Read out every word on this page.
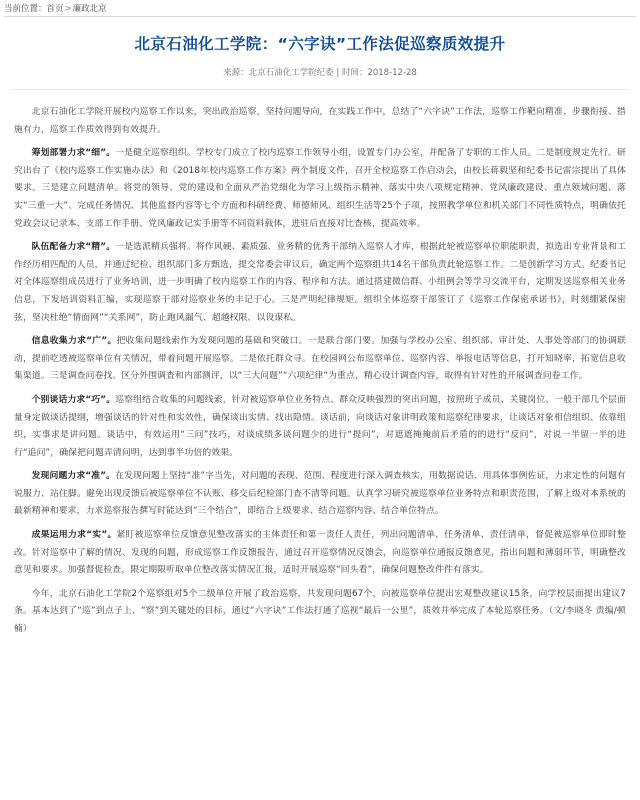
当前位置：首页>廉政北京
北京石油化工学院：“六字诀”工作法促巡察质效提升
来源：北京石油化工学院纪委 | 时间：2018-12-28

北京石油化工学院开展校内巡察工作以来，突出政治巡察，坚持问题导向，在实践工作中，总结了“六字诀”工作法，巡察工作靶向精准、步骤衔接、措施有力，巡察工作质效得到有效提升。

筹划部署力求“细”。一是健全巡察组织。学校专门成立了校内巡察工作领导小组，设置专门办公室，并配备了专职的工作人员。二是制度规定先行。研究出台了《校内巡察工作实施办法》和《2018年校内巡察工作方案》两个制度文件，召开全校巡察工作启动会，由校长蒋毅坚和纪委书记雷宗提出了具体要求。三是建立问题清单。将党的领导、党的建设和全面从严治党细化为学习上级指示精神、落实中央八项规定精神、党风廉政建设、重点领域问题、落实“三重一大”、完成任务情况、其他监督内容等七个方面和科研经费、师德师风、组织生活等25个子项，按照教学单位和机关部门不同性质特点，明确依托党政会议记录本、支部工作手册、党风廉政记实手册等不同资料载体，进驻后直接对比查核，提高效率。

队伍配备力求“精”。一是选派精兵强将。将作风硬、素质强、业务精的优秀干部纳入巡察人才库，根据此轮被巡察单位职能职责，拟选出专业背景和工作经历相匹配的人员，并通过纪检、组织部门多方甄选，提交常委会审议后，确定两个巡察组共14名干部负责此轮巡察工作。二是创新学习方式。纪委书记对全体巡察组成员进行了业务培训，进一步明确了校内巡察工作的内容、程序和方法。通过搭建微信群、小组例会等学习交流平台，定期发送巡察相关业务信息，下发培训资料汇编，实现巡察干部对巡察业务的丰记于心。三是严明纪律规矩。组织全体巡察干部签订了《巡察工作保密承诺书》，时刻绷紧保密弦，坚决杜绝“情面网”“关系网”，防止跑风漏气、超越权限、以设谋私。

信息收集力求“广”。把收集问题线索作为发现问题的基础和突破口。一是联合部门要。加强与学校办公室、组织部、审计处、人事处等部门的协调联动，提前吃透被巡察单位有关情况，带着问题开展巡察。二是依托群众寻。在校园网公布巡察单位、巡察内容、举报电话等信息，打开知晓率，拓宽信息收集渠道。三是调查问卷找。区分外围调查和内部测评，以“三大问题”“六项纪律”为重点，精心设计调查内容，取得有针对性的开展调查问卷工作。

个别谈话力求“巧”。巡察组结合收集的问题线索，针对被巡察单位业务特点、群众反映强烈的突出问题，按照班子成员、关键岗位、一般干部几个层面量身定做谈话提纲，增强谈话的针对性和实效性，确保谈出实情、找出隐情。谈话前，向谈话对象讲明政策和巡察纪律要求，让谈话对象相信组织、依靠组织，实事求是讲问题。谈话中，有效运用“三问”技巧，对谈成绩多谈问题少的进行“提问”，对遮遮掩掩前后矛盾的的进行“反问”，对说一半留一半的进行“追问”，确保把问题弄清问明，达到事半功倍的效果。

发现问题力求“准”。在发现问题上坚持“准”字当先，对问题的表现、范围、程度进行深入调查核实，用数据说话、用具体事例佐证，力求定性的问题有说服力、站住脚。避免出现反馈后被巡察单位不认账、移交后纪检部门查不清等问题。认真学习研究被巡察单位业务特点和职责范围，了解上级对本系统的最新精神和要求，力求巡察报告撰写时能达到“三个结合”，即结合上级要求、结合巡察内容、结合单位特点。

成果运用力求“实”。紧盯被巡察单位反馈意见整改落实的主体责任和第一责任人责任，列出问题清单、任务清单、责任清单，督促被巡察单位即时整改。针对巡察中了解的情况、发现的问题，形成巡察工作反馈报告，通过召开巡察情况反馈会，向巡察单位通报反馈意见，指出问题和薄弱环节，明确整改意见和要求。加强督促检查，限定期限听取单位整改落实情况汇报，适时开展巡察“回头看”，确保问题整改件件有落实。

今年，北京石油化工学院2个巡察组对5个二级单位开展了政治巡察，共发现问题67个，向被巡察单位提出宏观整改建议15条，向学校层面提出建议7条。基本达到了“巡”到点子上、“察”到关键处的目标，通过“六字诀”工作法打通了巡视“最后一公里”，质效并举完成了本轮巡察任务。（文/李晓冬 责编/顿楠）
